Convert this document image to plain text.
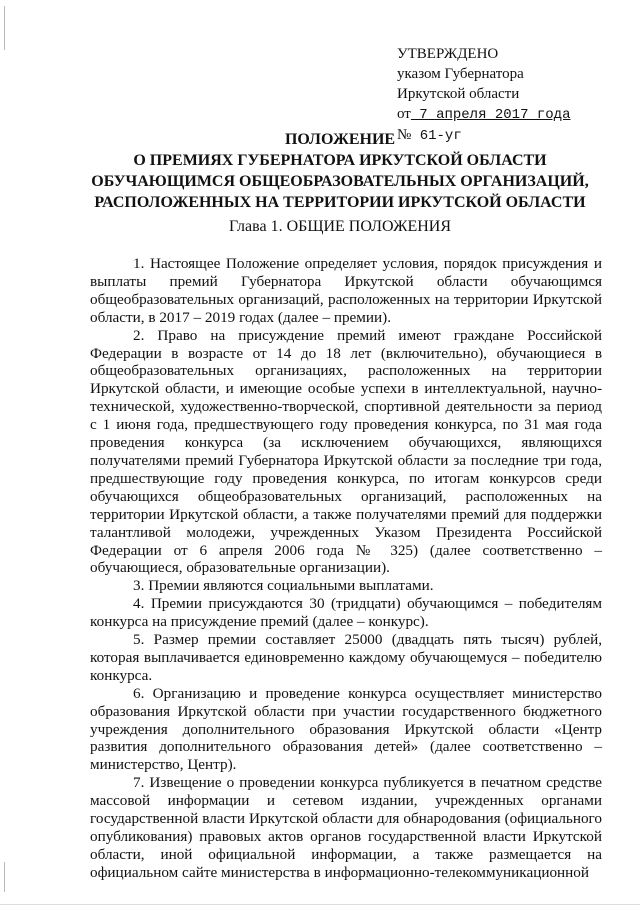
УТВЕРЖДЕНО
указом Губернатора
Иркутской области
от 7 апреля 2017 года
№ 61-уг
ПОЛОЖЕНИЕ
О ПРЕМИЯХ ГУБЕРНАТОРА ИРКУТСКОЙ ОБЛАСТИ
ОБУЧАЮЩИМСЯ ОБЩЕОБРАЗОВАТЕЛЬНЫХ ОРГАНИЗАЦИЙ,
РАСПОЛОЖЕННЫХ НА ТЕРРИТОРИИ ИРКУТСКОЙ ОБЛАСТИ
Глава 1. ОБЩИЕ ПОЛОЖЕНИЯ

1. Настоящее Положение определяет условия, порядок присуждения и выплаты премий Губернатора Иркутской области обучающимся общеобразовательных организаций, расположенных на территории Иркутской области, в 2017 – 2019 годах (далее – премии).

2. Право на присуждение премий имеют граждане Российской Федерации в возрасте от 14 до 18 лет (включительно), обучающиеся в общеобразовательных организациях, расположенных на территории Иркутской области, и имеющие особые успехи в интеллектуальной, научно-технической, художественно-творческой, спортивной деятельности за период с 1 июня года, предшествующего году проведения конкурса, по 31 мая года проведения конкурса (за исключением обучающихся, являющихся получателями премий Губернатора Иркутской области за последние три года, предшествующие году проведения конкурса, по итогам конкурсов среди обучающихся общеобразовательных организаций, расположенных на территории Иркутской области, а также получателями премий для поддержки талантливой молодежи, учрежденных Указом Президента Российской Федерации от 6 апреля 2006 года № 325) (далее соответственно – обучающиеся, образовательные организации).

3. Премии являются социальными выплатами.

4. Премии присуждаются 30 (тридцати) обучающимся – победителям конкурса на присуждение премий (далее – конкурс).

5. Размер премии составляет 25000 (двадцать пять тысяч) рублей, которая выплачивается единовременно каждому обучающемуся – победителю конкурса.

6. Организацию и проведение конкурса осуществляет министерство образования Иркутской области при участии государственного бюджетного учреждения дополнительного образования Иркутской области «Центр развития дополнительного образования детей» (далее соответственно – министерство, Центр).

7. Извещение о проведении конкурса публикуется в печатном средстве массовой информации и сетевом издании, учрежденных органами государственной власти Иркутской области для обнародования (официального опубликования) правовых актов органов государственной власти Иркутской области, иной официальной информации, а также размещается на официальном сайте министерства в информационно-телекоммуникационной
